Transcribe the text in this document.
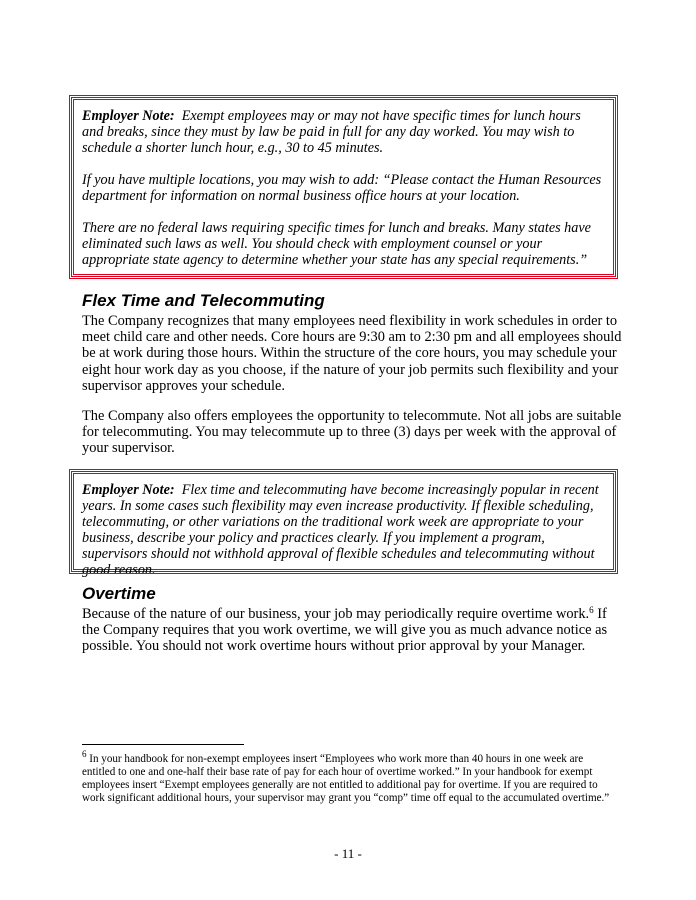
Employer Note: Exempt employees may or may not have specific times for lunch hours and breaks, since they must by law be paid in full for any day worked. You may wish to schedule a shorter lunch hour, e.g., 30 to 45 minutes.

If you have multiple locations, you may wish to add: “Please contact the Human Resources department for information on normal business office hours at your location.

There are no federal laws requiring specific times for lunch and breaks. Many states have eliminated such laws as well. You should check with employment counsel or your appropriate state agency to determine whether your state has any special requirements.”

Flex Time and Telecommuting

The Company recognizes that many employees need flexibility in work schedules in order to meet child care and other needs. Core hours are 9:30 am to 2:30 pm and all employees should be at work during those hours. Within the structure of the core hours, you may schedule your eight hour work day as you choose, if the nature of your job permits such flexibility and your supervisor approves your schedule.

The Company also offers employees the opportunity to telecommute. Not all jobs are suitable for telecommuting. You may telecommute up to three (3) days per week with the approval of your supervisor.

Employer Note: Flex time and telecommuting have become increasingly popular in recent years. In some cases such flexibility may even increase productivity. If flexible scheduling, telecommuting, or other variations on the traditional work week are appropriate to your business, describe your policy and practices clearly. If you implement a program, supervisors should not withhold approval of flexible schedules and telecommuting without good reason.

Overtime

Because of the nature of our business, your job may periodically require overtime work.$^6$ If the Company requires that you work overtime, we will give you as much advance notice as possible. You should not work overtime hours without prior approval by your Manager.

$^6$ In your handbook for non-exempt employees insert “Employees who work more than 40 hours in one week are entitled to one and one-half their base rate of pay for each hour of overtime worked.” In your handbook for exempt employees insert “Exempt employees generally are not entitled to additional pay for overtime. If you are required to work significant additional hours, your supervisor may grant you “comp” time off equal to the accumulated overtime.”

- 11 -
